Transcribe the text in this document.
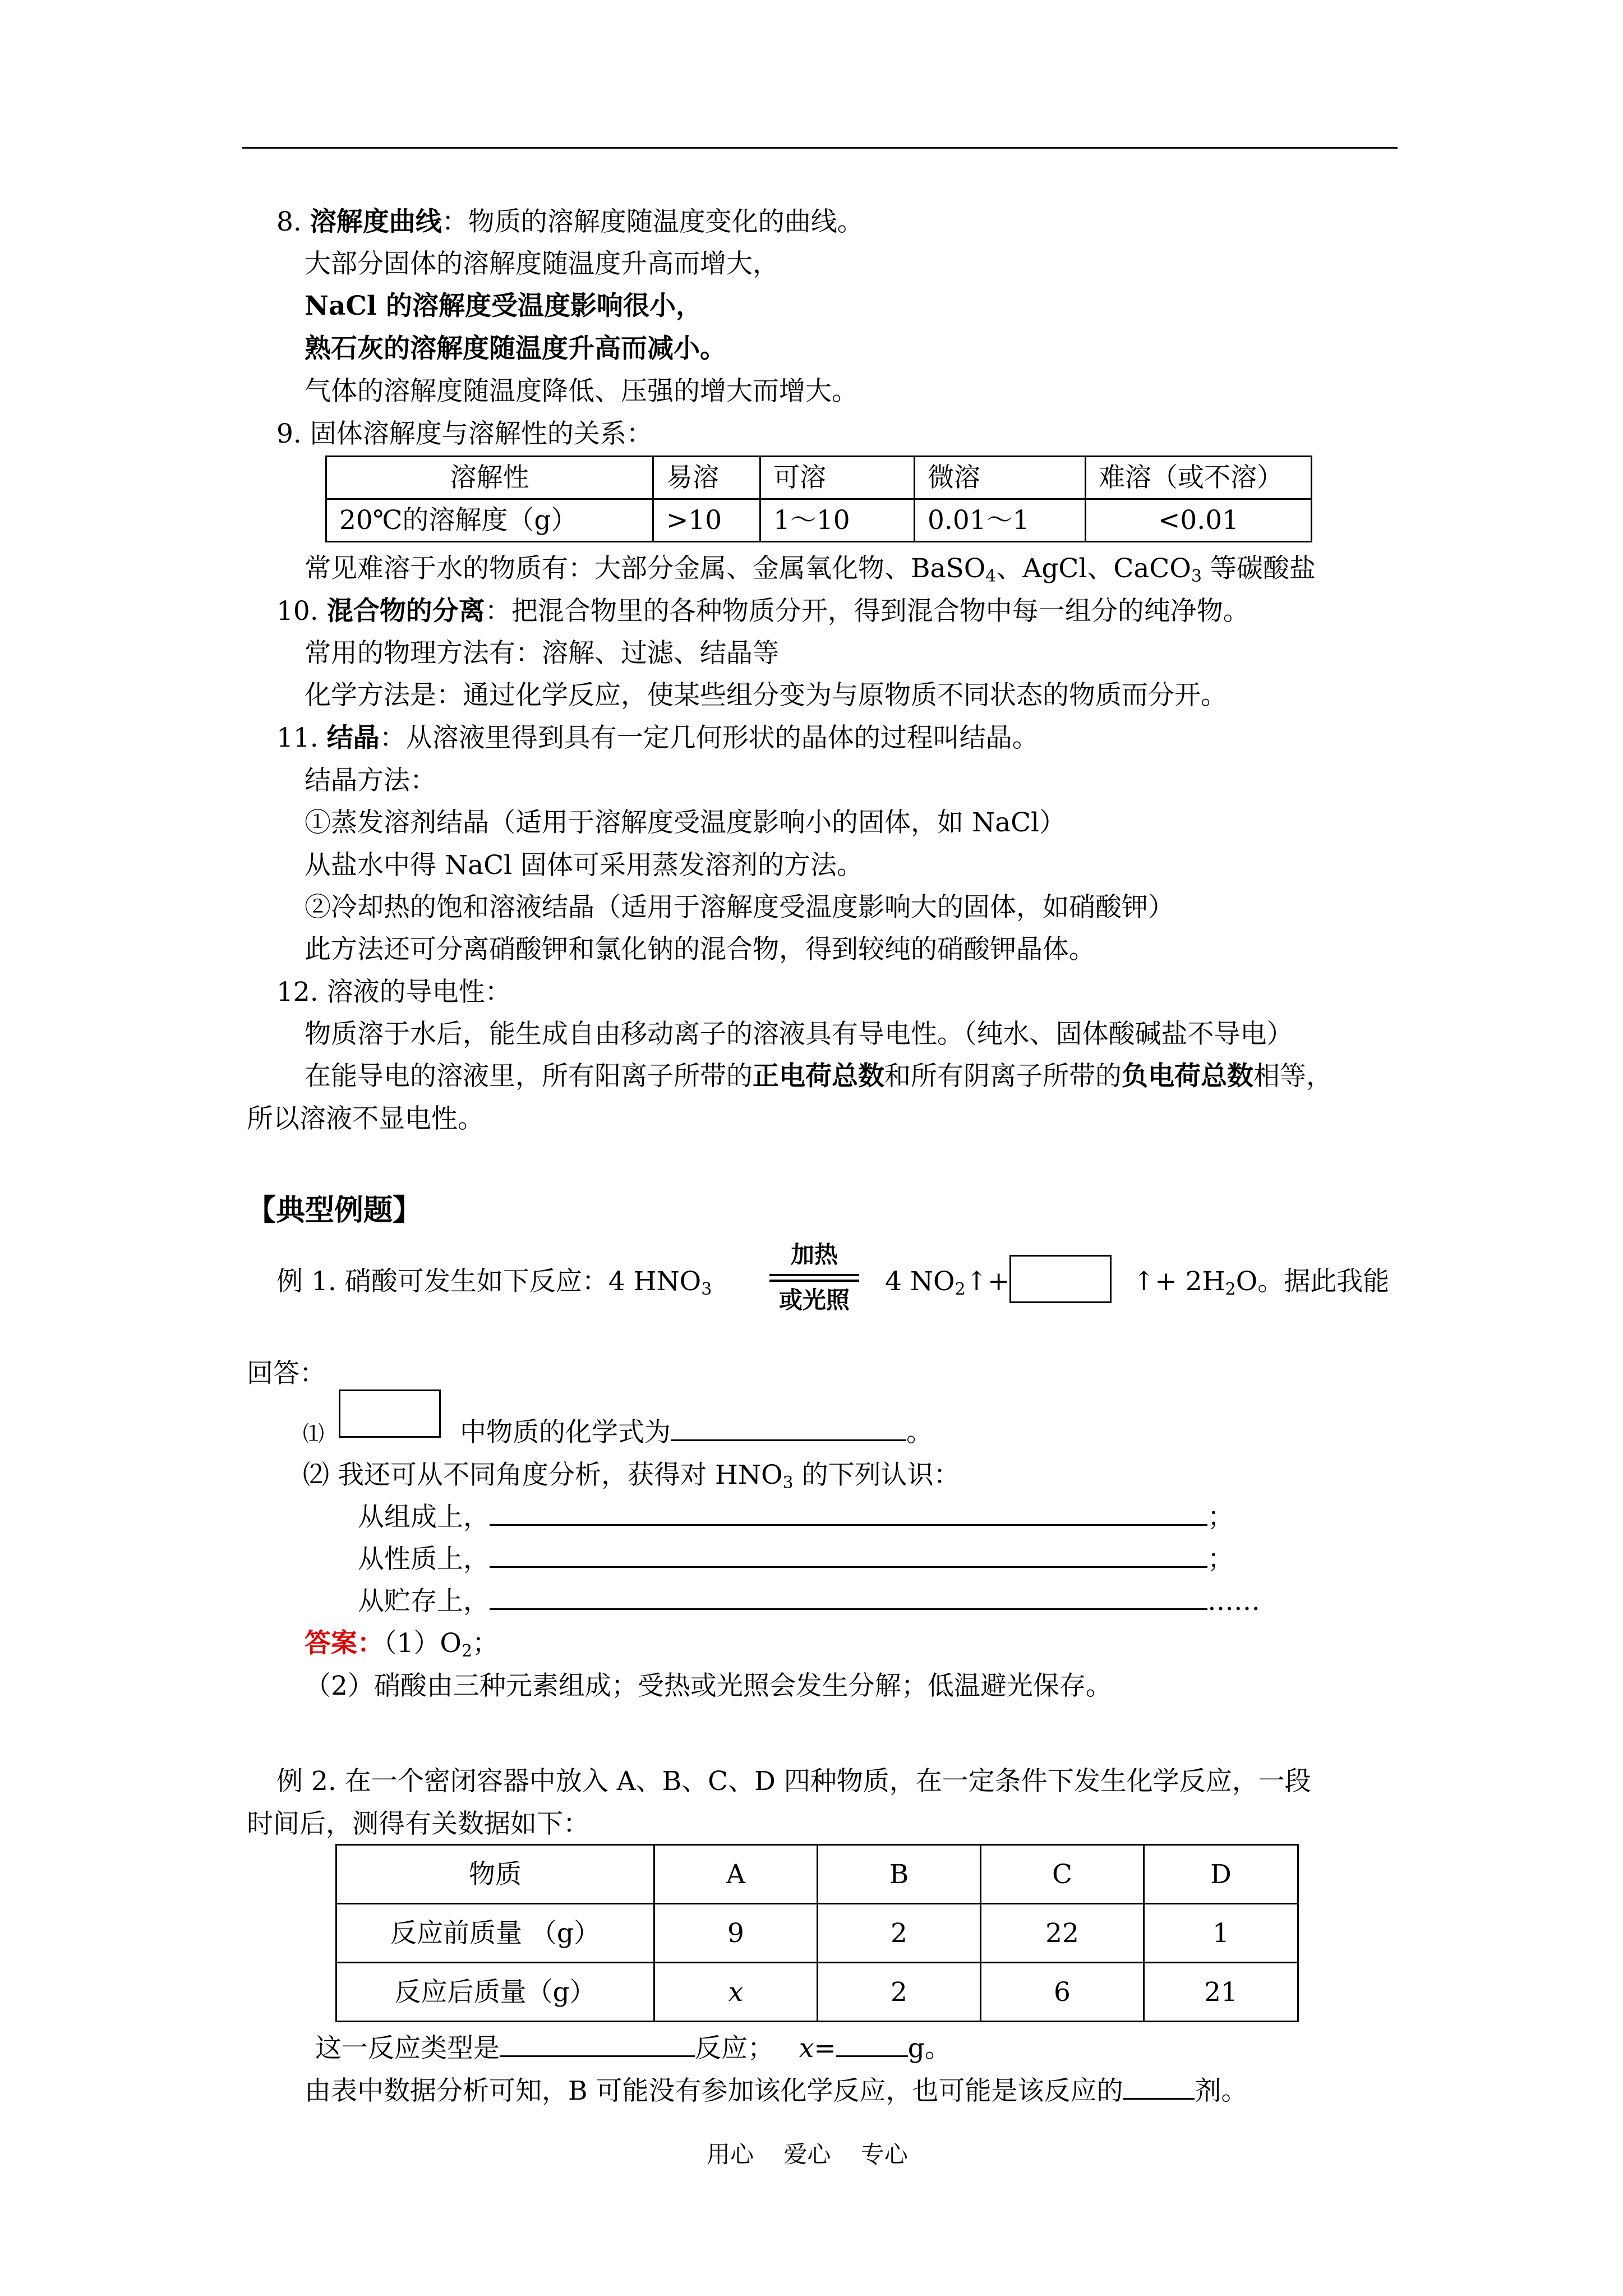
8. 溶解度曲线：物质的溶解度随温度变化的曲线。
大部分固体的溶解度随温度升高而增大，
NaCl 的溶解度受温度影响很小，
熟石灰的溶解度随温度升高而减小。
气体的溶解度随温度降低、压强的增大而增大。
9. 固体溶解度与溶解性的关系：
溶解性	易溶	可溶	微溶	难溶（或不溶）
20℃的溶解度（g）	>10	1～10	0.01～1	<0.01
常见难溶于水的物质有：大部分金属、金属氧化物、BaSO$_4$、AgCl、CaCO$_3$ 等碳酸盐
10. 混合物的分离：把混合物里的各种物质分开，得到混合物中每一组分的纯净物。
常用的物理方法有：溶解、过滤、结晶等
化学方法是：通过化学反应，使某些组分变为与原物质不同状态的物质而分开。
11. 结晶：从溶液里得到具有一定几何形状的晶体的过程叫结晶。
结晶方法：
①蒸发溶剂结晶（适用于溶解度受温度影响小的固体，如 NaCl）
从盐水中得 NaCl 固体可采用蒸发溶剂的方法。
②冷却热的饱和溶液结晶（适用于溶解度受温度影响大的固体，如硝酸钾）
此方法还可分离硝酸钾和氯化钠的混合物，得到较纯的硝酸钾晶体。
12. 溶液的导电性：
物质溶于水后，能生成自由移动离子的溶液具有导电性。（纯水、固体酸碱盐不导电）
在能导电的溶液里，所有阳离子所带的正电荷总数和所有阴离子所带的负电荷总数相等，
所以溶液不显电性。
【典型例题】
例 1. 硝酸可发生如下反应：4 $HNO_3$
加热
或光照
4 $NO_2↑+$	↑+ $2H_2O$。据此我能
回答：
⑴	中物质的化学式为	。
⑵ 我还可从不同角度分析，获得对 $HNO_3$ 的下列认识：
从组成上，	；
从性质上，	；
从贮存上，	……
答案：$(1)O_2$；
（2）硝酸由三种元素组成；受热或光照会发生分解；低温避光保存。
例 2. 在一个密闭容器中放入 A、B、C、D 四种物质，在一定条件下发生化学反应，一段
时间后，测得有关数据如下：
物质	A	B	C	D
反应前质量 （g）	9	2	22	1
反应后质量（g）	x	2	6	21
这一反应类型是	反应； x=	g。
由表中数据分析可知，B 可能没有参加该化学反应，也可能是该反应的	剂。
用心    爱心    专心
